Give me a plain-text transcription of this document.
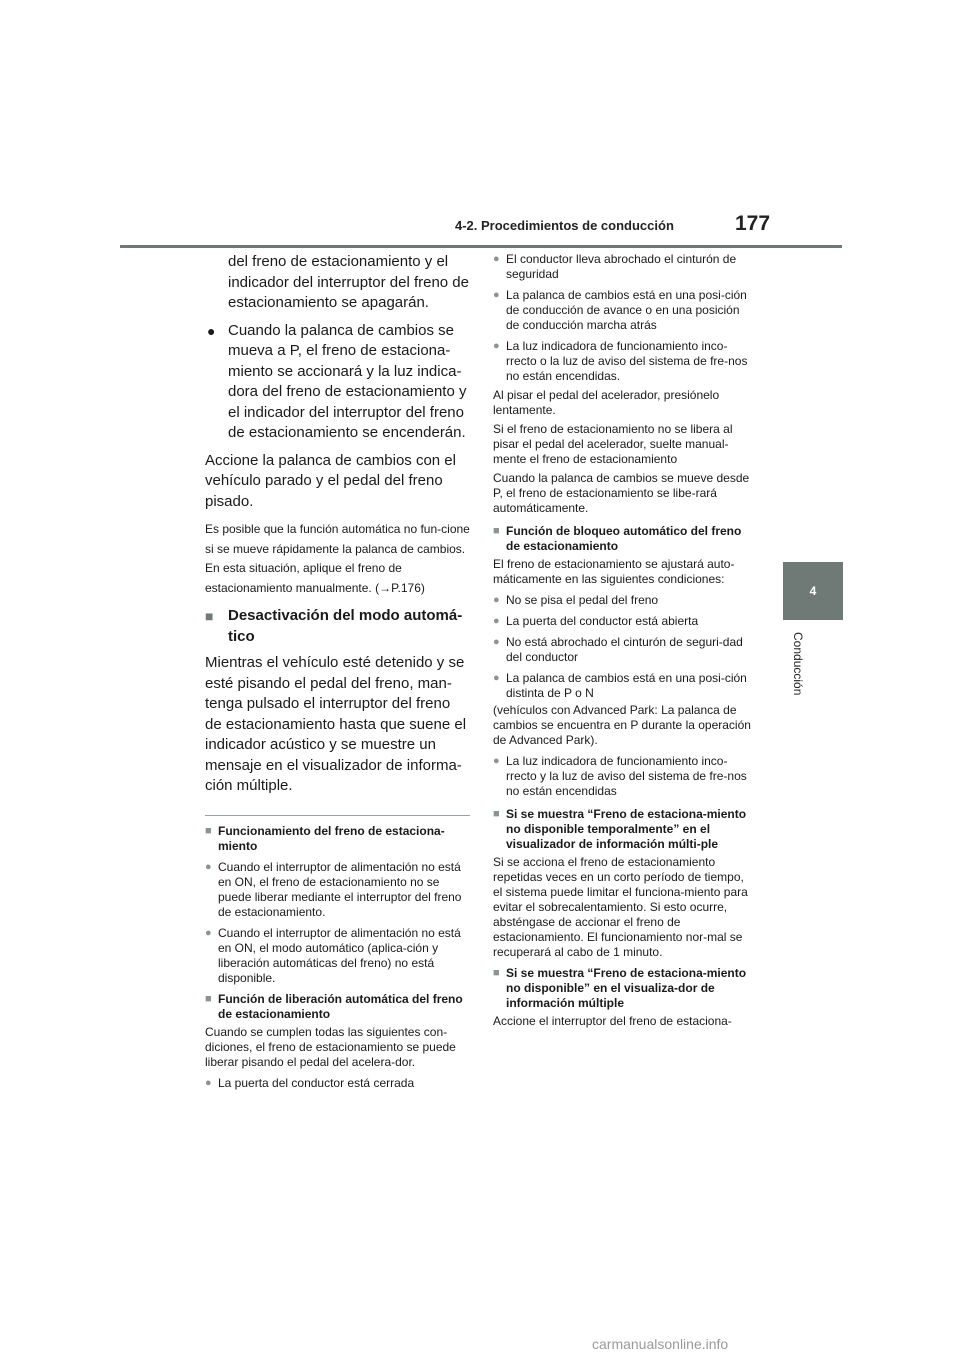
4-2. Procedimientos de conducción	177
4
Conducción

del freno de estacionamiento y el indicador del interruptor del freno de estacionamiento se apagarán.

● Cuando la palanca de cambios se mueva a P, el freno de estaciona-miento se accionará y la luz indica-dora del freno de estacionamiento y el indicador del interruptor del freno de estacionamiento se encenderán.

Accione la palanca de cambios con el vehículo parado y el pedal del freno pisado.

Es posible que la función automática no fun-cione si se mueve rápidamente la palanca de cambios. En esta situación, aplique el freno de estacionamiento manualmente. (→P.176)

■ Desactivación del modo automá-tico

Mientras el vehículo esté detenido y se esté pisando el pedal del freno, man-tenga pulsado el interruptor del freno de estacionamiento hasta que suene el indicador acústico y se muestre un mensaje en el visualizador de informa-ción múltiple.

■ Funcionamiento del freno de estaciona-miento

● Cuando el interruptor de alimentación no está en ON, el freno de estacionamiento no se puede liberar mediante el interruptor del freno de estacionamiento.

● Cuando el interruptor de alimentación no está en ON, el modo automático (aplica-ción y liberación automáticas del freno) no está disponible.

■ Función de liberación automática del freno de estacionamiento

Cuando se cumplen todas las siguientes con-diciones, el freno de estacionamiento se puede liberar pisando el pedal del acelera-dor.

● La puerta del conductor está cerrada

● El conductor lleva abrochado el cinturón de seguridad

● La palanca de cambios está en una posi-ción de conducción de avance o en una posición de conducción marcha atrás

● La luz indicadora de funcionamiento inco-rrecto o la luz de aviso del sistema de fre-nos no están encendidas.

Al pisar el pedal del acelerador, presiónelo lentamente.

Si el freno de estacionamiento no se libera al pisar el pedal del acelerador, suelte manual-mente el freno de estacionamiento

Cuando la palanca de cambios se mueve desde P, el freno de estacionamiento se libe-rará automáticamente.

■ Función de bloqueo automático del freno de estacionamiento

El freno de estacionamiento se ajustará auto-máticamente en las siguientes condiciones:

● No se pisa el pedal del freno

● La puerta del conductor está abierta

● No está abrochado el cinturón de seguri-dad del conductor

● La palanca de cambios está en una posi-ción distinta de P o N

(vehículos con Advanced Park: La palanca de cambios se encuentra en P durante la operación de Advanced Park).

● La luz indicadora de funcionamiento inco-rrecto y la luz de aviso del sistema de fre-nos no están encendidas

■ Si se muestra “Freno de estaciona-miento no disponible temporalmente” en el visualizador de información múlti-ple

Si se acciona el freno de estacionamiento repetidas veces en un corto período de tiempo, el sistema puede limitar el funciona-miento para evitar el sobrecalentamiento. Si esto ocurre, absténgase de accionar el freno de estacionamiento. El funcionamiento nor-mal se recuperará al cabo de 1 minuto.

■ Si se muestra “Freno de estaciona-miento no disponible” en el visualiza-dor de información múltiple

Accione el interruptor del freno de estaciona-

carmanualsonline.info
